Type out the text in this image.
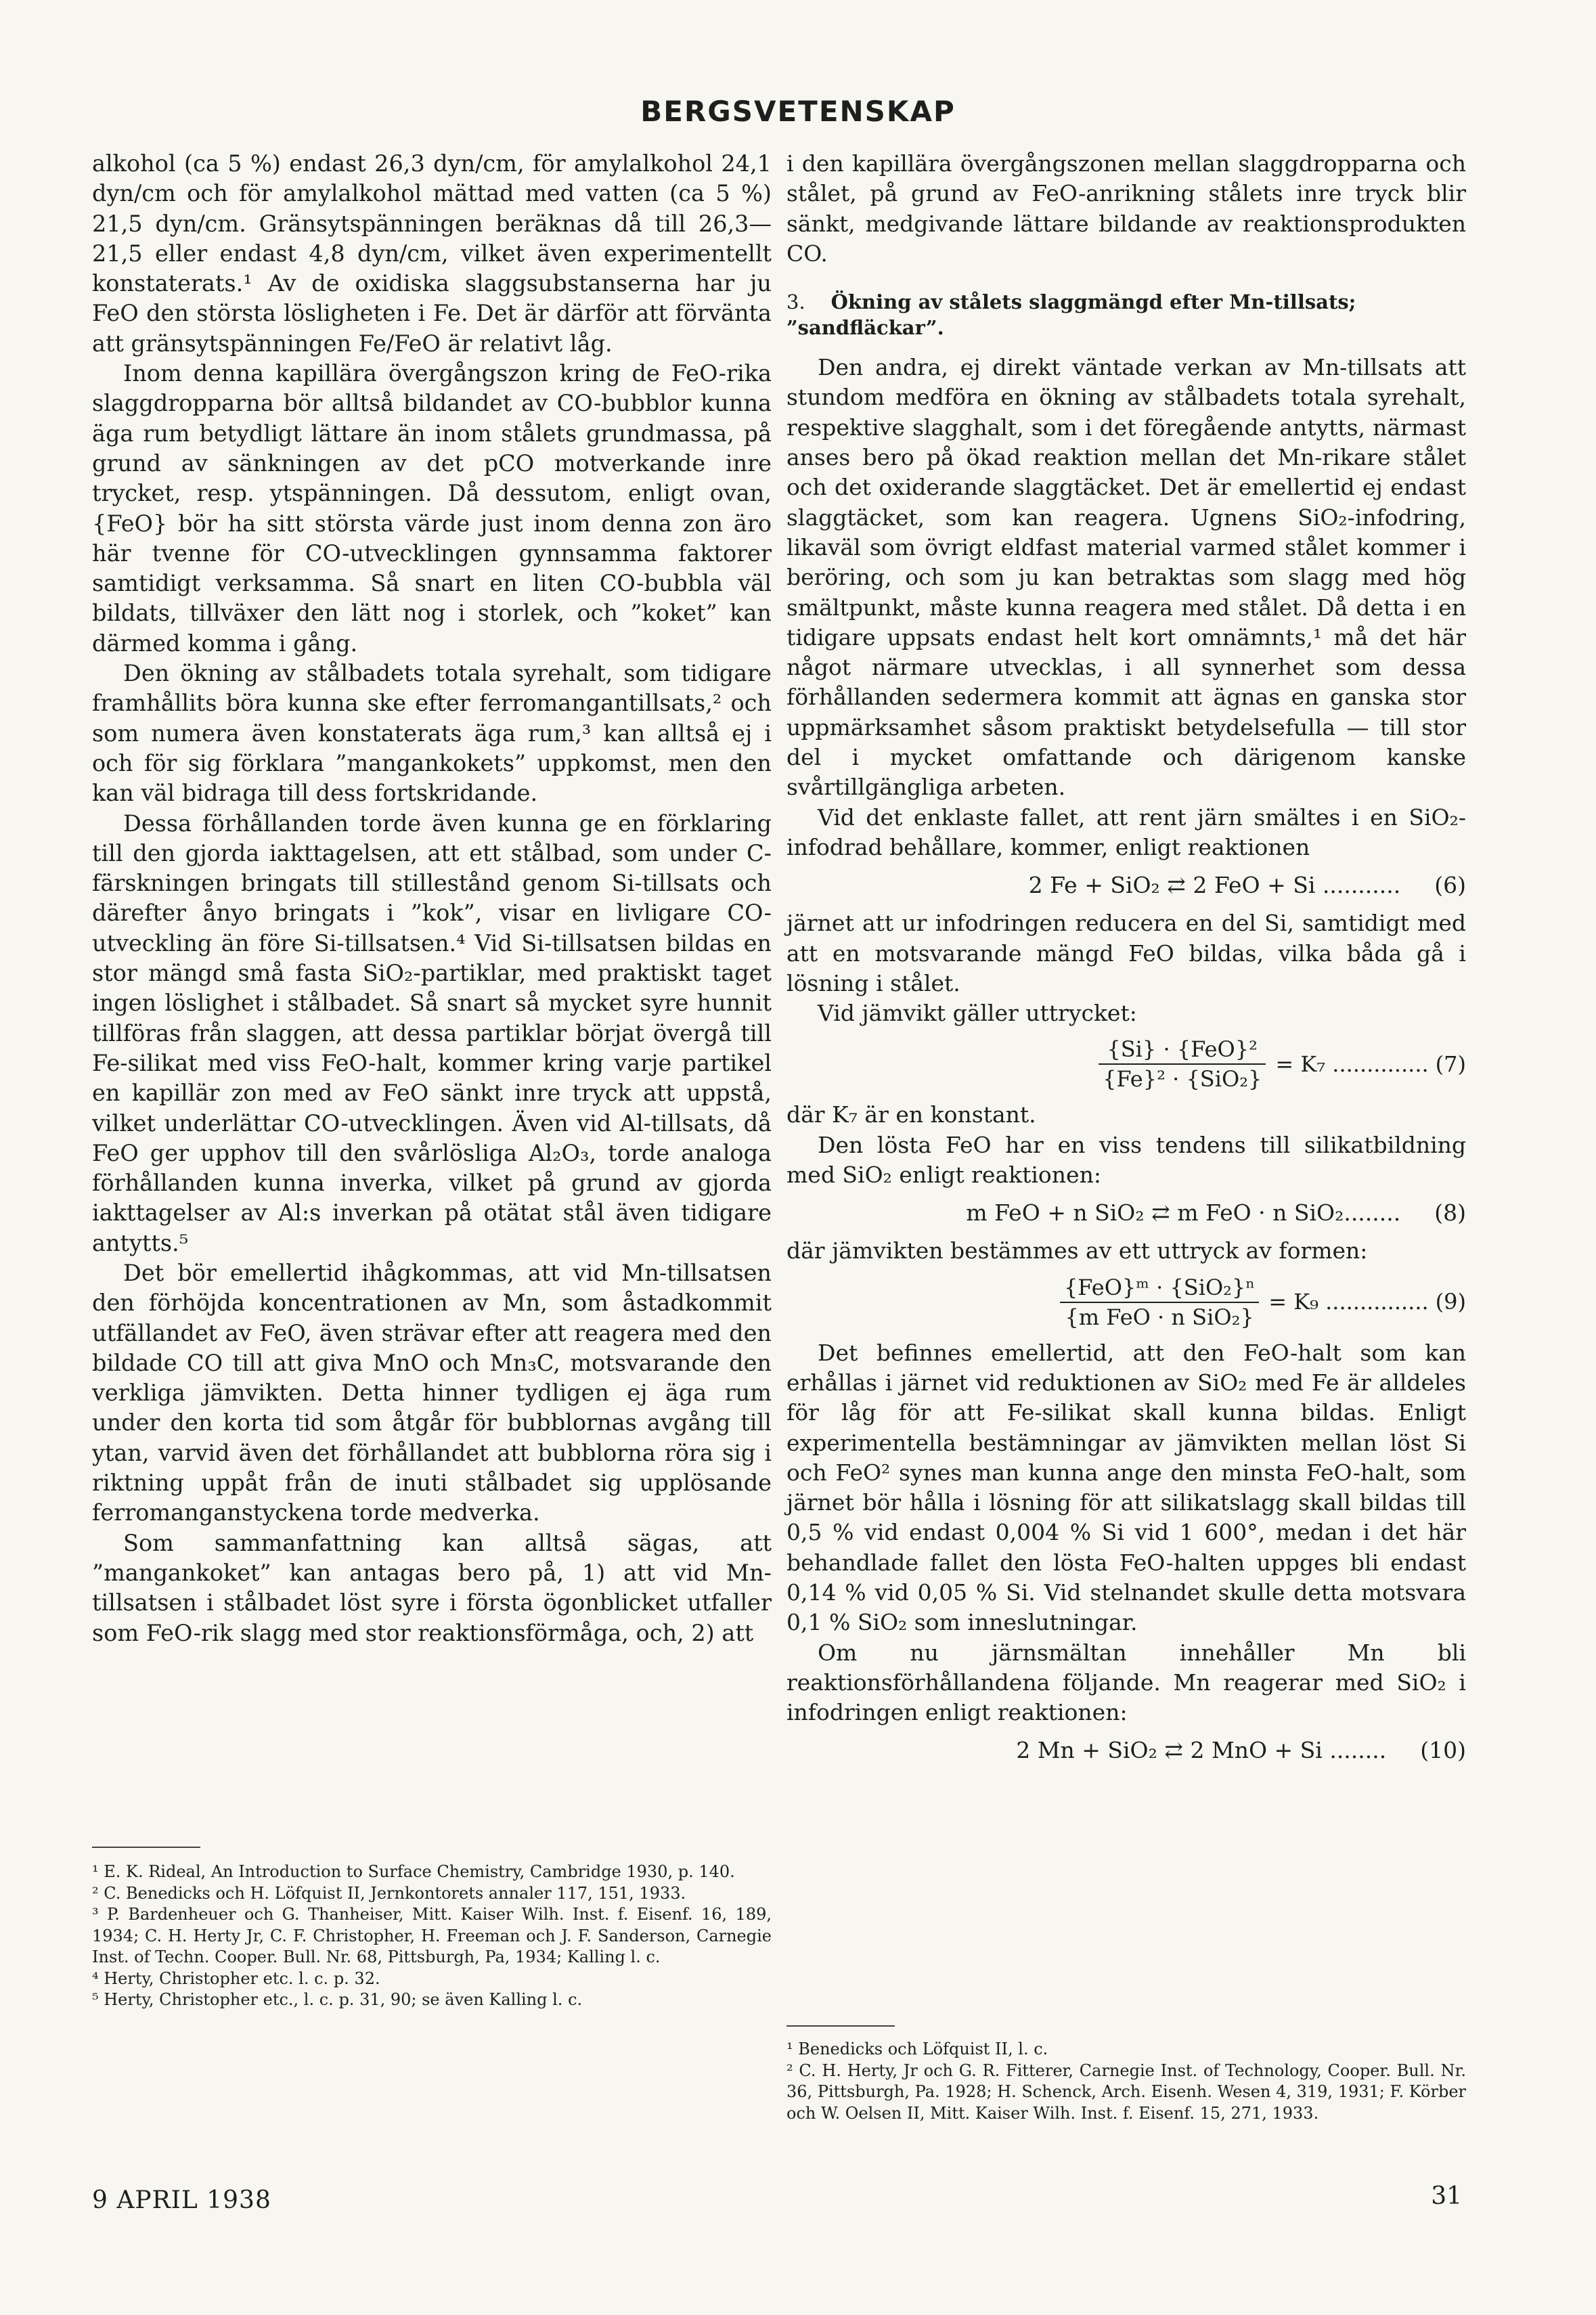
BERGSVETENSKAP

alkohol (ca 5 %) endast 26,3 dyn/cm, för amylalkohol 24,1 dyn/cm och för amylalkohol mättad med vatten (ca 5 %) 21,5 dyn/cm. Gränsytspänningen beräknas då till 26,3—21,5 eller endast 4,8 dyn/cm, vilket även experimentellt konstaterats.¹ Av de oxidiska slaggsubstanserna har ju FeO den största lösligheten i Fe. Det är därför att förvänta att gränsytspänningen Fe/FeO är relativt låg.

Inom denna kapillära övergångszon kring de FeO-rika slaggdropparna bör alltså bildandet av CO-bubblor kunna äga rum betydligt lättare än inom stålets grundmassa, på grund av sänkningen av det pCO motverkande inre trycket, resp. ytspänningen. Då dessutom, enligt ovan, {FeO} bör ha sitt största värde just inom denna zon äro här tvenne för CO-utvecklingen gynnsamma faktorer samtidigt verksamma. Så snart en liten CO-bubbla väl bildats, tillväxer den lätt nog i storlek, och ”koket” kan därmed komma i gång.

Den ökning av stålbadets totala syrehalt, som tidigare framhållits böra kunna ske efter ferromangantillsats,² och som numera även konstaterats äga rum,³ kan alltså ej i och för sig förklara ”mangankokets” uppkomst, men den kan väl bidraga till dess fortskridande.

Dessa förhållanden torde även kunna ge en förklaring till den gjorda iakttagelsen, att ett stålbad, som under C-färskningen bringats till stillestånd genom Si-tillsats och därefter ånyo bringats i ”kok”, visar en livligare CO-utveckling än före Si-tillsatsen.⁴ Vid Si-tillsatsen bildas en stor mängd små fasta SiO₂-partiklar, med praktiskt taget ingen löslighet i stålbadet. Så snart så mycket syre hunnit tillföras från slaggen, att dessa partiklar börjat övergå till Fe-silikat med viss FeO-halt, kommer kring varje partikel en kapillär zon med av FeO sänkt inre tryck att uppstå, vilket underlättar CO-utvecklingen. Även vid Al-tillsats, då FeO ger upphov till den svårlösliga Al₂O₃, torde analoga förhållanden kunna inverka, vilket på grund av gjorda iakttagelser av Al:s inverkan på otätat stål även tidigare antytts.⁵

Det bör emellertid ihågkommas, att vid Mn-tillsatsen den förhöjda koncentrationen av Mn, som åstadkommit utfällandet av FeO, även strävar efter att reagera med den bildade CO till att giva MnO och Mn₃C, motsvarande den verkliga jämvikten. Detta hinner tydligen ej äga rum under den korta tid som åtgår för bubblornas avgång till ytan, varvid även det förhållandet att bubblorna röra sig i riktning uppåt från de inuti stålbadet sig upplösande ferromanganstyckena torde medverka.

Som sammanfattning kan alltså sägas, att ”mangankoket” kan antagas bero på, 1) att vid Mn-tillsatsen i stålbadet löst syre i första ögonblicket utfaller som FeO-rik slagg med stor reaktionsförmåga, och, 2) att

¹ E. K. Rideal, An Introduction to Surface Chemistry, Cambridge 1930, p. 140.

² C. Benedicks och H. Löfquist II, Jernkontorets annaler 117, 151, 1933.

³ P. Bardenheuer och G. Thanheiser, Mitt. Kaiser Wilh. Inst. f. Eisenf. 16, 189, 1934; C. H. Herty Jr, C. F. Christopher, H. Freeman och J. F. Sanderson, Carnegie Inst. of Techn. Cooper. Bull. Nr. 68, Pittsburgh, Pa, 1934; Kalling l. c.

⁴ Herty, Christopher etc. l. c. p. 32.

⁵ Herty, Christopher etc., l. c. p. 31, 90; se även Kalling l. c.

i den kapillära övergångszonen mellan slaggdropparna och stålet, på grund av FeO-anrikning stålets inre tryck blir sänkt, medgivande lättare bildande av reaktionsprodukten CO.

3. Ökning av stålets slaggmängd efter Mn-tillsats; ”sandfläckar”.

Den andra, ej direkt väntade verkan av Mn-tillsats att stundom medföra en ökning av stålbadets totala syrehalt, respektive slagghalt, som i det föregående antytts, närmast anses bero på ökad reaktion mellan det Mn-rikare stålet och det oxiderande slaggtäcket. Det är emellertid ej endast slaggtäcket, som kan reagera. Ugnens SiO₂-infodring, likaväl som övrigt eldfast material varmed stålet kommer i beröring, och som ju kan betraktas som slagg med hög smältpunkt, måste kunna reagera med stålet. Då detta i en tidigare uppsats endast helt kort omnämnts,¹ må det här något närmare utvecklas, i all synnerhet som dessa förhållanden sedermera kommit att ägnas en ganska stor uppmärksamhet såsom praktiskt betydelsefulla — till stor del i mycket omfattande och därigenom kanske svårtillgängliga arbeten.

Vid det enklaste fallet, att rent järn smältes i en SiO₂-infodrad behållare, kommer, enligt reaktionen

2 Fe + SiO₂ ⇄ 2 FeO + Si ........... (6)

järnet att ur infodringen reducera en del Si, samtidigt med att en motsvarande mängd FeO bildas, vilka båda gå i lösning i stålet.

Vid jämvikt gäller uttrycket:

$\frac{\text{\{Si\} · \{FeO\}²}}{\text{\{Fe\}² · \{SiO₂\}}} = K_7$ .............. (7)

där K₇ är en konstant.

Den lösta FeO har en viss tendens till silikatbildning med SiO₂ enligt reaktionen:

m FeO + n SiO₂ ⇄ m FeO · n SiO₂........ (8)

där jämvikten bestämmes av ett uttryck av formen:

$\frac{\text{\{FeO\}ᵐ · \{SiO₂\}ⁿ}}{\text{\{m FeO · n SiO₂\}}} = K_9$ ............... (9)

Det befinnes emellertid, att den FeO-halt som kan erhållas i järnet vid reduktionen av SiO₂ med Fe är alldeles för låg för att Fe-silikat skall kunna bildas. Enligt experimentella bestämningar av jämvikten mellan löst Si och FeO² synes man kunna ange den minsta FeO-halt, som järnet bör hålla i lösning för att silikatslagg skall bildas till 0,5 % vid endast 0,004 % Si vid 1 600°, medan i det här behandlade fallet den lösta FeO-halten uppges bli endast 0,14 % vid 0,05 % Si. Vid stelnandet skulle detta motsvara 0,1 % SiO₂ som inneslutningar.

Om nu järnsmältan innehåller Mn bli reaktionsförhållandena följande. Mn reagerar med SiO₂ i infodringen enligt reaktionen:

2 Mn + SiO₂ ⇄ 2 MnO + Si ........ (10)

¹ Benedicks och Löfquist II, l. c.

² C. H. Herty, Jr och G. R. Fitterer, Carnegie Inst. of Technology, Cooper. Bull. Nr. 36, Pittsburgh, Pa. 1928; H. Schenck, Arch. Eisenh. Wesen 4, 319, 1931; F. Körber och W. Oelsen II, Mitt. Kaiser Wilh. Inst. f. Eisenf. 15, 271, 1933.

9 APRIL 1938	31
